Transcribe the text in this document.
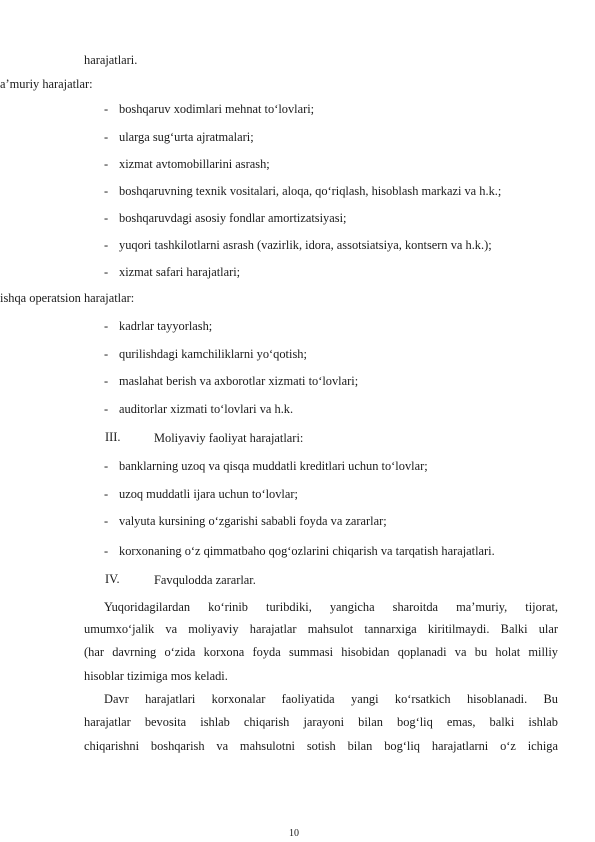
harajatlari.
a’muriy harajatlar:
- boshqaruv xodimlari mehnat to‘lovlari;
- ularga sug‘urta ajratmalari;
- xizmat avtomobillarini asrash;
- boshqaruvning texnik vositalari, aloqa, qo‘riqlash, hisoblash markazi va h.k.;
- boshqaruvdagi asosiy fondlar amortizatsiyasi;
- yuqori tashkilotlarni asrash (vazirlik, idora, assotsiatsiya, kontsern va h.k.);
- xizmat safari harajatlari;
ishqa operatsion harajatlar:
- kadrlar tayyorlash;
- qurilishdagi kamchiliklarni yo‘qotish;
- maslahat berish va axborotlar xizmati to‘lovlari;
- auditorlar xizmati to‘lovlari va h.k.
III.	Moliyaviy faoliyat harajatlari:
- banklarning uzoq va qisqa muddatli kreditlari uchun to‘lovlar;
- uzoq muddatli ijara uchun to‘lovlar;
- valyuta kursining o‘zgarishi sababli foyda va zararlar;
- korxonaning o‘z qimmatbaho qog‘ozlarini chiqarish va tarqatish harajatlari.
IV.	Favqulodda zararlar.
Yuqoridagilardan ko‘rinib turibdiki, yangicha sharoitda ma’muriy, tijorat,
umumxo‘jalik va moliyaviy harajatlar mahsulot tannarxiga kiritilmaydi. Balki ular
(har davrning o‘zida korxona foyda summasi hisobidan qoplanadi va bu holat milliy
hisoblar tizimiga mos keladi.
Davr harajatlari korxonalar faoliyatida yangi ko‘rsatkich hisoblanadi. Bu
harajatlar bevosita ishlab chiqarish jarayoni bilan bog‘liq emas, balki ishlab
chiqarishni boshqarish va mahsulotni sotish bilan bog‘liq harajatlarni o‘z ichiga
10
